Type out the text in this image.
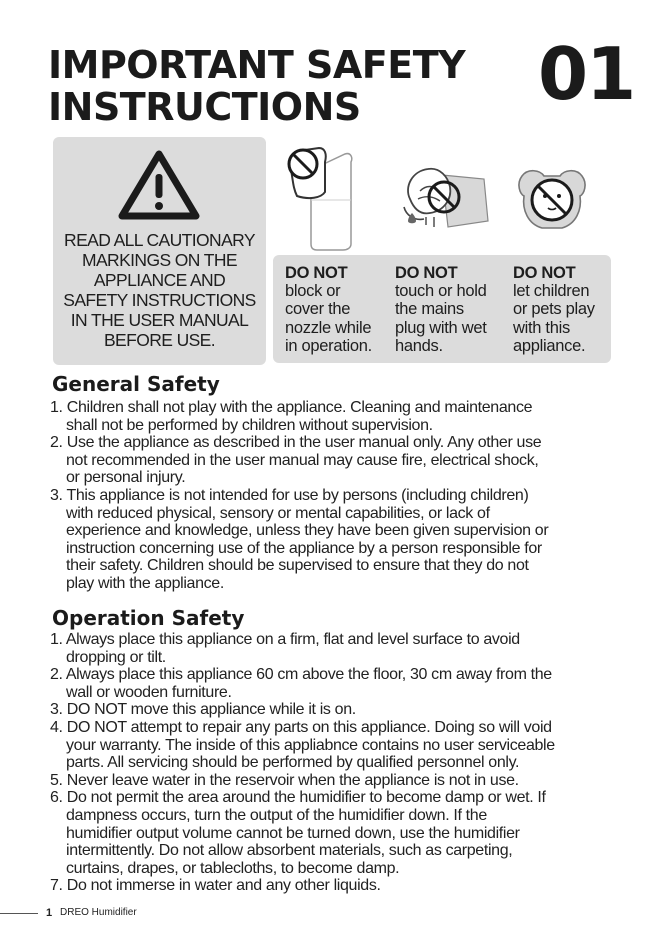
IMPORTANT SAFETY
INSTRUCTIONS	01
READ ALL CAUTIONARY
MARKINGS ON THE
APPLIANCE AND
SAFETY INSTRUCTIONS
IN THE USER MANUAL
BEFORE USE.
DO NOT
block or
cover the
nozzle while
in operation.
DO NOT
touch or hold
the mains
plug with wet
hands.
DO NOT
let children
or pets play
with this
appliance.
General Safety
1. Children shall not play with the appliance. Cleaning and maintenance
shall not be performed by children without supervision.
2. Use the appliance as described in the user manual only. Any other use
not recommended in the user manual may cause fire, electrical shock,
or personal injury.
3. This appliance is not intended for use by persons (including children)
with reduced physical, sensory or mental capabilities, or lack of
experience and knowledge, unless they have been given supervision or
instruction concerning use of the appliance by a person responsible for
their safety. Children should be supervised to ensure that they do not
play with the appliance.
Operation Safety
1. Always place this appliance on a firm, flat and level surface to avoid
dropping or tilt.
2. Always place this appliance 60 cm above the floor, 30 cm away from the
wall or wooden furniture.
3. DO NOT move this appliance while it is on.
4. DO NOT attempt to repair any parts on this appliance. Doing so will void
your warranty. The inside of this appliabnce contains no user serviceable
parts. All servicing should be performed by qualified personnel only.
5. Never leave water in the reservoir when the appliance is not in use.
6. Do not permit the area around the humidifier to become damp or wet. If
dampness occurs, turn the output of the humidifier down. If the
humidifier output volume cannot be turned down, use the humidifier
intermittently. Do not allow absorbent materials, such as carpeting,
curtains, drapes, or tablecloths, to become damp.
7. Do not immerse in water and any other liquids.
1 DREO Humidifier
